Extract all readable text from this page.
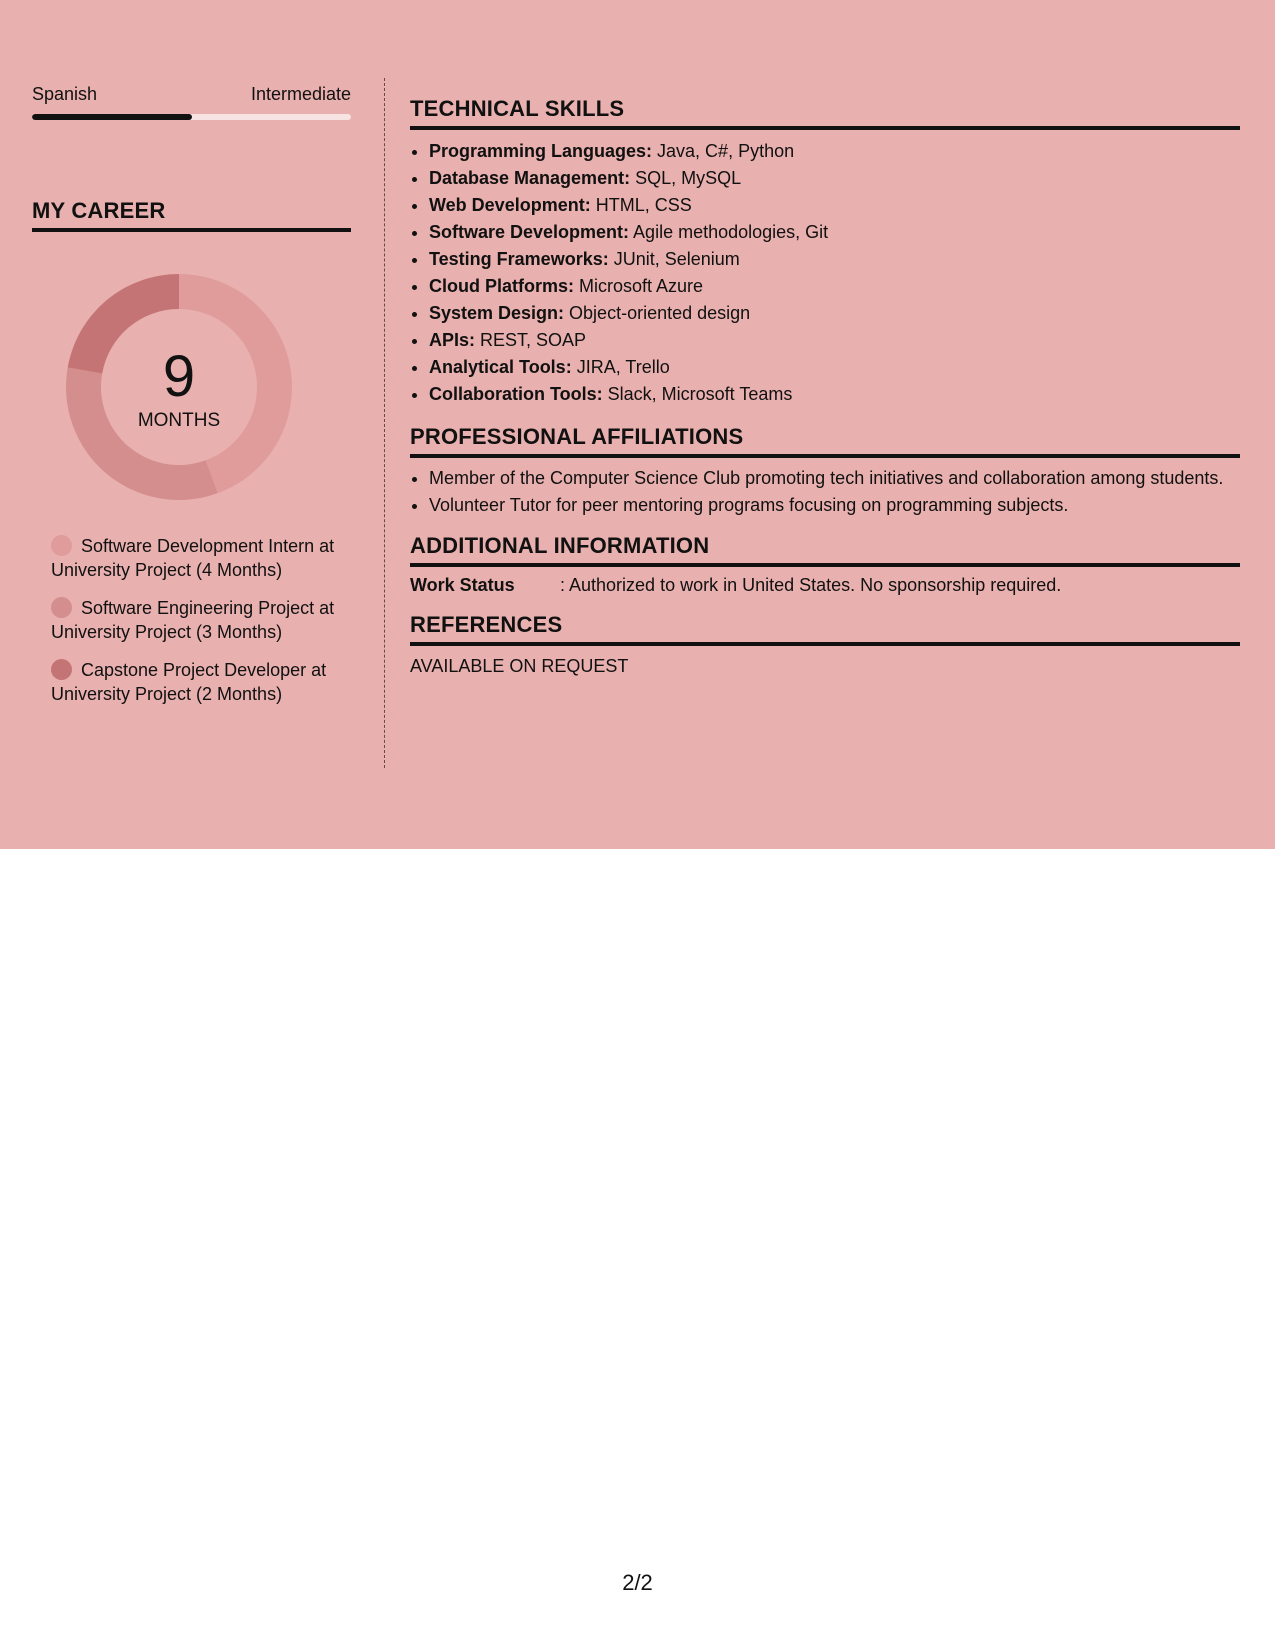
Spanish	Intermediate
MY CAREER
9
MONTHS
Software Development Intern at University Project (4 Months)
Software Engineering Project at University Project (3 Months)
Capstone Project Developer at University Project (2 Months)
TECHNICAL SKILLS
• Programming Languages: Java, C#, Python
• Database Management: SQL, MySQL
• Web Development: HTML, CSS
• Software Development: Agile methodologies, Git
• Testing Frameworks: JUnit, Selenium
• Cloud Platforms: Microsoft Azure
• System Design: Object-oriented design
• APIs: REST, SOAP
• Analytical Tools: JIRA, Trello
• Collaboration Tools: Slack, Microsoft Teams
PROFESSIONAL AFFILIATIONS
• Member of the Computer Science Club promoting tech initiatives and collaboration among students.
• Volunteer Tutor for peer mentoring programs focusing on programming subjects.
ADDITIONAL INFORMATION
Work Status	: Authorized to work in United States. No sponsorship required.
REFERENCES
AVAILABLE ON REQUEST
2/2
